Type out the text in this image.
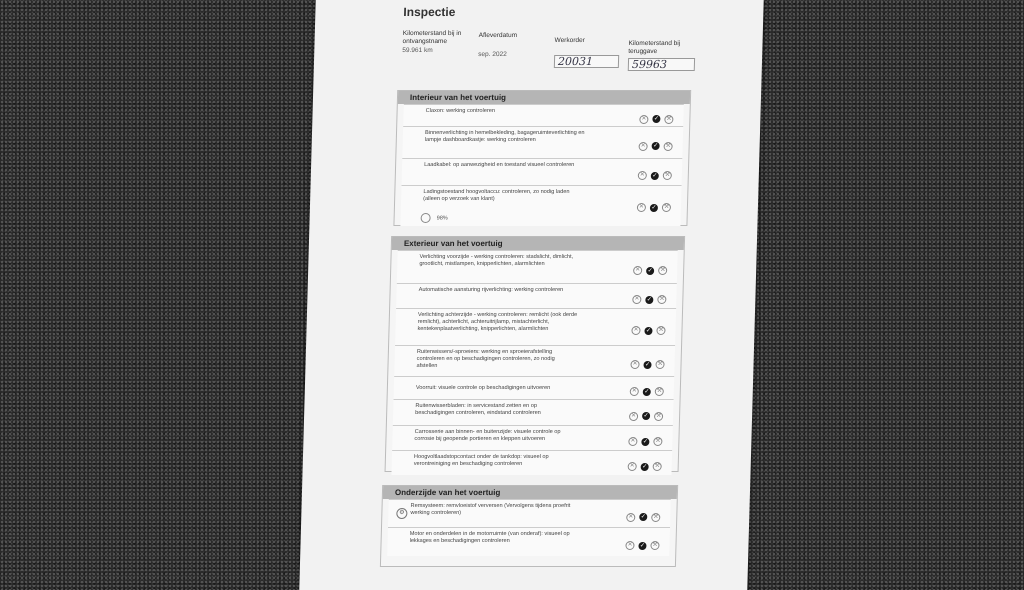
Inspectie
Kilometerstand bij in ontvangstname
59.961 km
Afleverdatum
sep. 2022
Werkorder
20031
Kilometerstand bij teruggave
59963
Interieur van het voertuig
Claxon: werking controleren
✕ ✓ ⚒
Binnenverlichting in hemelbekleding, bagageruimteverlichting en lampje dashboardkastje: werking controleren
✕ ✓ ⚒
Laadkabel: op aanwezigheid en toestand visueel controleren
✕ ✓ ⚒
Ladingstoestand hoogvoltaccu: controleren, zo nodig laden (alleen op verzoek van klant)
✕ ✓ ⚒
98%
Exterieur van het voertuig
Verlichting voorzijde - werking controleren: stadslicht, dimlicht, grootlicht, mistlampen, knipperlichten, alarmlichten
✕ ✓ ⚒
Automatische aansturing rijverlichting: werking controleren
✕ ✓ ⚒
Verlichting achterzijde - werking controleren: remlicht (ook derde remlicht), achterlicht, achteruitrijlamp, mistachterlicht, kentekenplaatverlichting, knipperlichten, alarmlichten	✕ ✓ ⚒
Ruitenwissers/-sproeiers: werking en sproeierafstelling controleren en op beschadigingen controleren, zo nodig afstellen	✕ ✓ ⚒
Voorruit: visuele controle op beschadigingen uitvoeren
✕ ✓ ⚒
Ruitenwisserbladen: in servicestand zetten en op beschadigingen controleren, eindstand controleren	✕ ✓ ⚒
Carrosserie aan binnen- en buitenzijde: visuele controle op corrosie bij geopende portieren en kleppen uitvoeren	✕ ✓ ⚒
Hoogvoltlaadstopcontact onder de tankdop: visueel op verontreiniging en beschadiging controleren	✕ ✓ ⚒
Onderzijde van het voertuig
⚙
Remsysteem: remvloeistof verversen (Vervolgens tijdens proefrit werking controleren)
✕ ✓ ⚒
Motor en onderdelen in de motorruimte (van onderaf): visueel op lekkages en beschadigingen controleren
✕ ✓ ⚒
